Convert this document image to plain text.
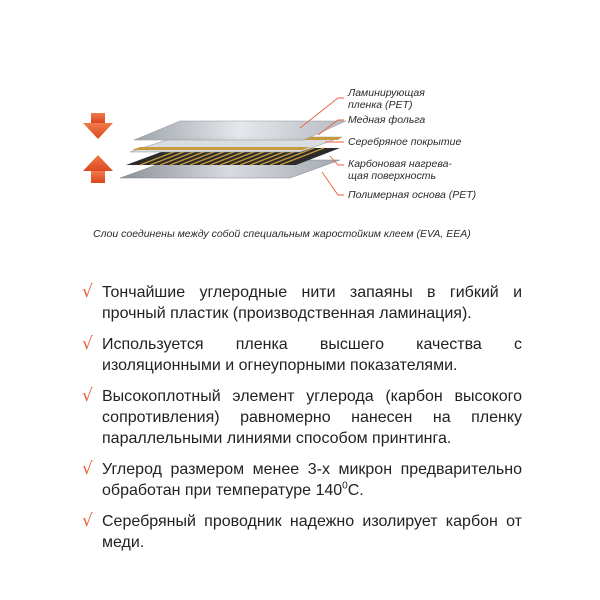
Ламинирующая
пленка (PET)
Медная фольга
Серебряное покрытие
Карбоновая нагрева-
щая поверхность
Полимерная основа (PET)
Слои соединены между собой специальным жаростойким клеем (EVA, EEA)
√ Тончайшие углеродные нити запаяны в гибкий и прочный пластик (производственная ламинация).
√ Используется пленка высшего качества с изоляционными и огнеупорными показателями.
√ Высокоплотный элемент углерода (карбон высокого сопротивления) равномерно нанесен на пленку параллельными линиями способом принтинга.
√ Углерод размером менее 3-х микрон предварительно обработан при температуре $140^0С$.
√ Серебряный проводник надежно изолирует карбон от меди.
